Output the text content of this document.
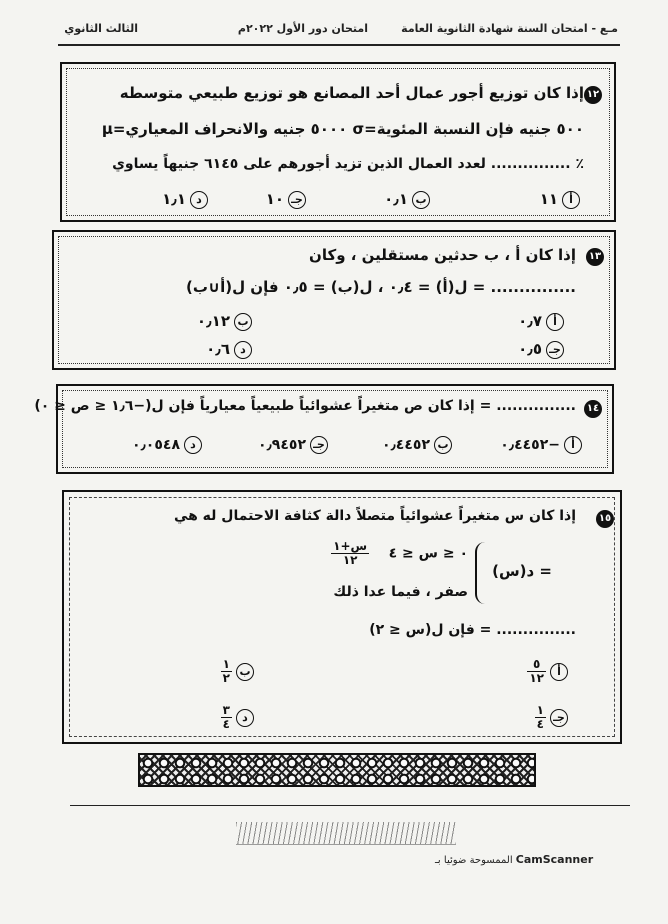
مـع - امتحان السنة شهادة الثانوية العامة
امتحان دور الأول ٢٠٢٢م
الثالث الثانوي
١٢
إذا كان توزيع أجور عمال أحد المصانع هو توزيع طبيعي متوسطه
μ=٥٠٠٠ جنيه والانحراف المعياري σ=٥٠٠ جنيه فإن النسبة المئوية
لعدد العمال الذين تزيد أجورهم على ٦١٤٥ جنيهاً يساوي ............... ٪
أ١١
ب٠٫١
جـ١٠
د١٫١
١٣
إذا كان أ ، ب حدثين مستقلين ، وكان
ل(أ) = ٠٫٤ ، ل(ب) = ٠٫٥ فإن ل(أ∪ب) = ...............
أ٠٫٧
ب٠٫١٢
جـ٠٫٥
د٠٫٦
١٤
إذا كان ص متغيراً عشوائياً طبيعياً معيارياً فإن ل(−١٫٦ ≤ ص ≤ ٠) = ...............
أ−٠٫٤٤٥٢
ب٠٫٤٤٥٢
جـ٠٫٩٤٥٢
د٠٫٠٥٤٨
١٥
إذا كان س متغيراً عشوائياً متصلاً دالة كثافة الاحتمال له هي
د(س) =
$\frac{\text{س+١}}{١٢}$ ٠ ≤ س ≤ ٤
صفر ، فيما عدا ذلك
فإن ل(س ≤ ٢) = ...............
أ
$\frac{٥}{١٢}$
ب
$\frac{١}{٢}$
جـ
$\frac{١}{٤}$
د
$\frac{٣}{٤}$
الممسوحة ضوئيا بـ CamScanner
